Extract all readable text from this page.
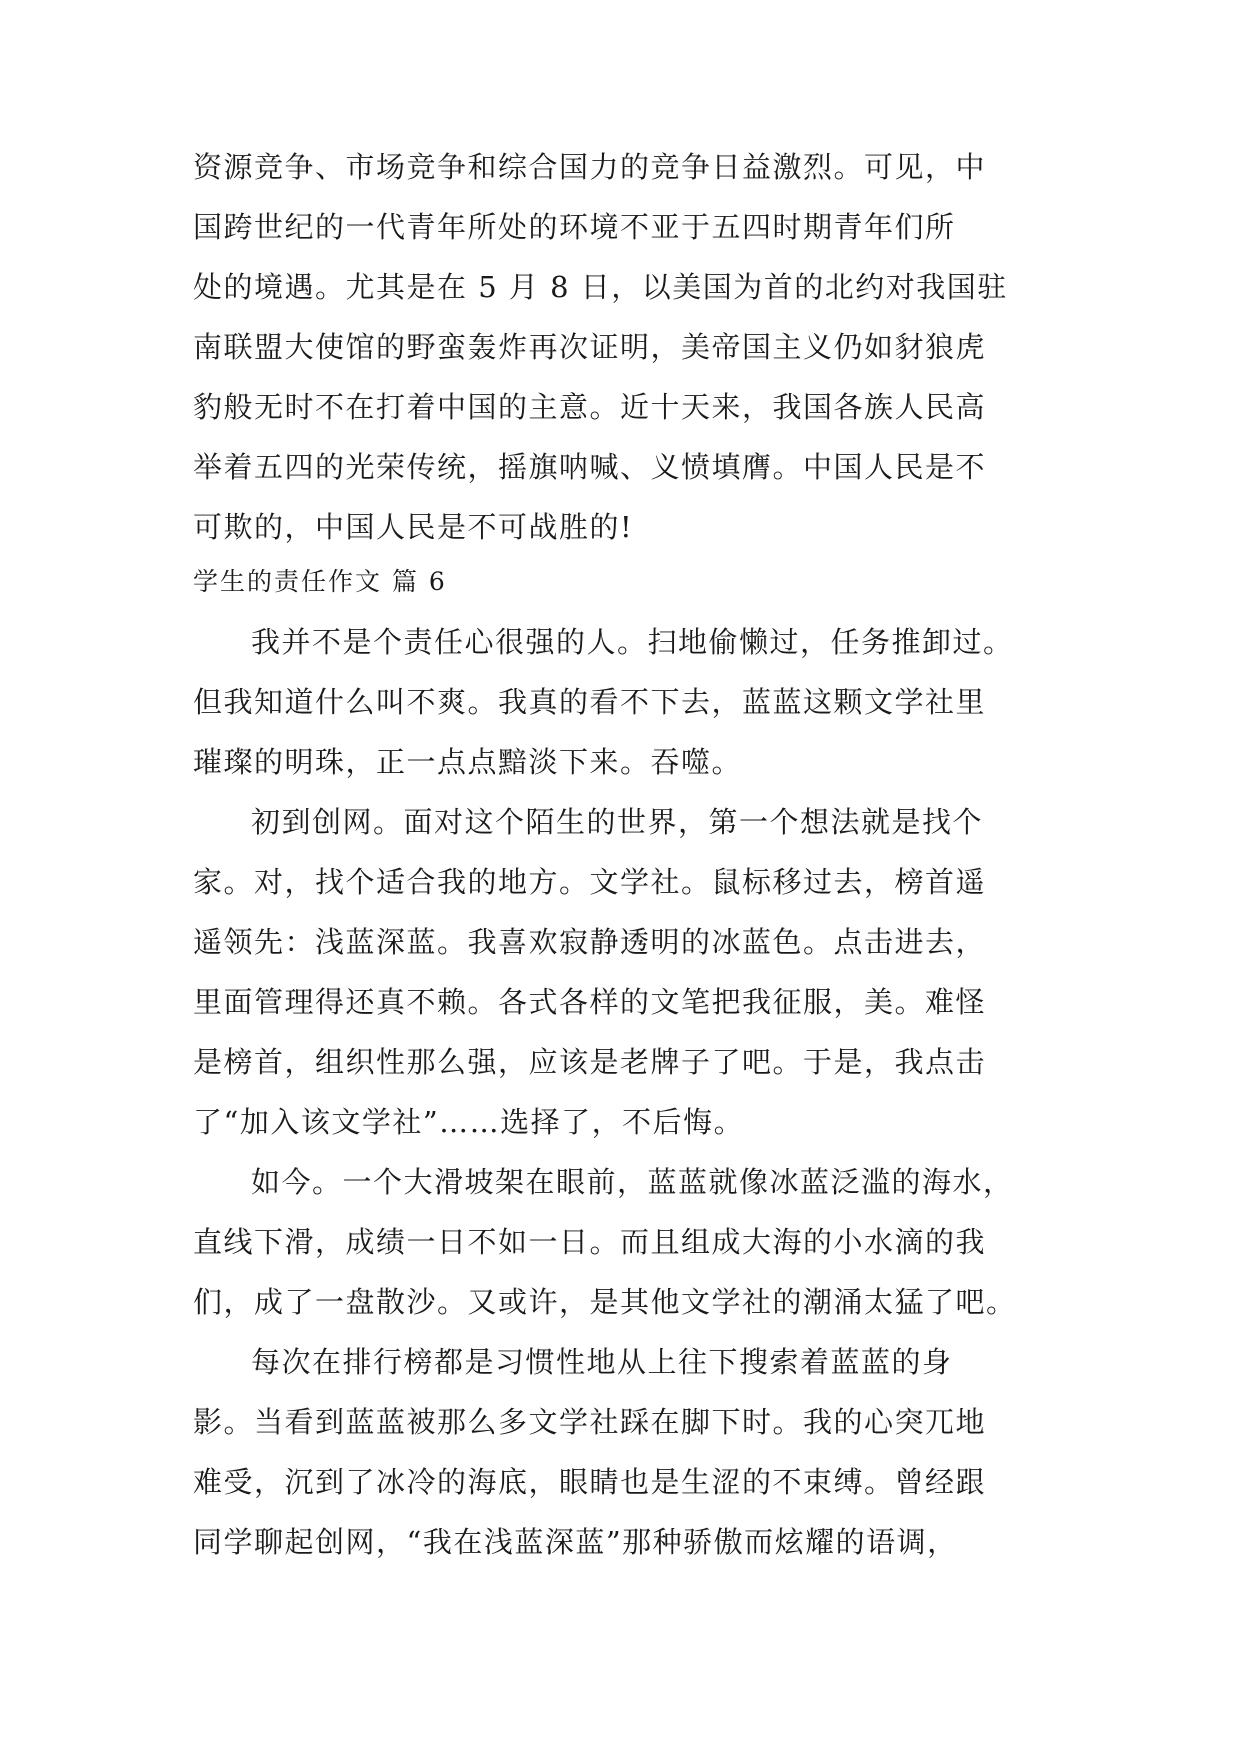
资源竞争、市场竞争和综合国力的竞争日益激烈。可见，中
国跨世纪的一代青年所处的环境不亚于五四时期青年们所
处的境遇。尤其是在 5 月 8 日，以美国为首的北约对我国驻
南联盟大使馆的野蛮轰炸再次证明，美帝国主义仍如豺狼虎
豹般无时不在打着中国的主意。近十天来，我国各族人民高
举着五四的光荣传统，摇旗呐喊、义愤填膺。中国人民是不
可欺的，中国人民是不可战胜的!
学生的责任作文 篇 6
我并不是个责任心很强的人。扫地偷懒过，任务推卸过。
但我知道什么叫不爽。我真的看不下去，蓝蓝这颗文学社里
璀璨的明珠，正一点点黯淡下来。吞噬。
初到创网。面对这个陌生的世界，第一个想法就是找个
家。对，找个适合我的地方。文学社。鼠标移过去，榜首遥
遥领先：浅蓝深蓝。我喜欢寂静透明的冰蓝色。点击进去，
里面管理得还真不赖。各式各样的文笔把我征服，美。难怪
是榜首，组织性那么强，应该是老牌子了吧。于是，我点击
了“加入该文学社”……选择了，不后悔。
如今。一个大滑坡架在眼前，蓝蓝就像冰蓝泛滥的海水，
直线下滑，成绩一日不如一日。而且组成大海的小水滴的我
们，成了一盘散沙。又或许，是其他文学社的潮涌太猛了吧。
每次在排行榜都是习惯性地从上往下搜索着蓝蓝的身
影。当看到蓝蓝被那么多文学社踩在脚下时。我的心突兀地
难受，沉到了冰冷的海底，眼睛也是生涩的不束缚。曾经跟
同学聊起创网，“我在浅蓝深蓝”那种骄傲而炫耀的语调，
